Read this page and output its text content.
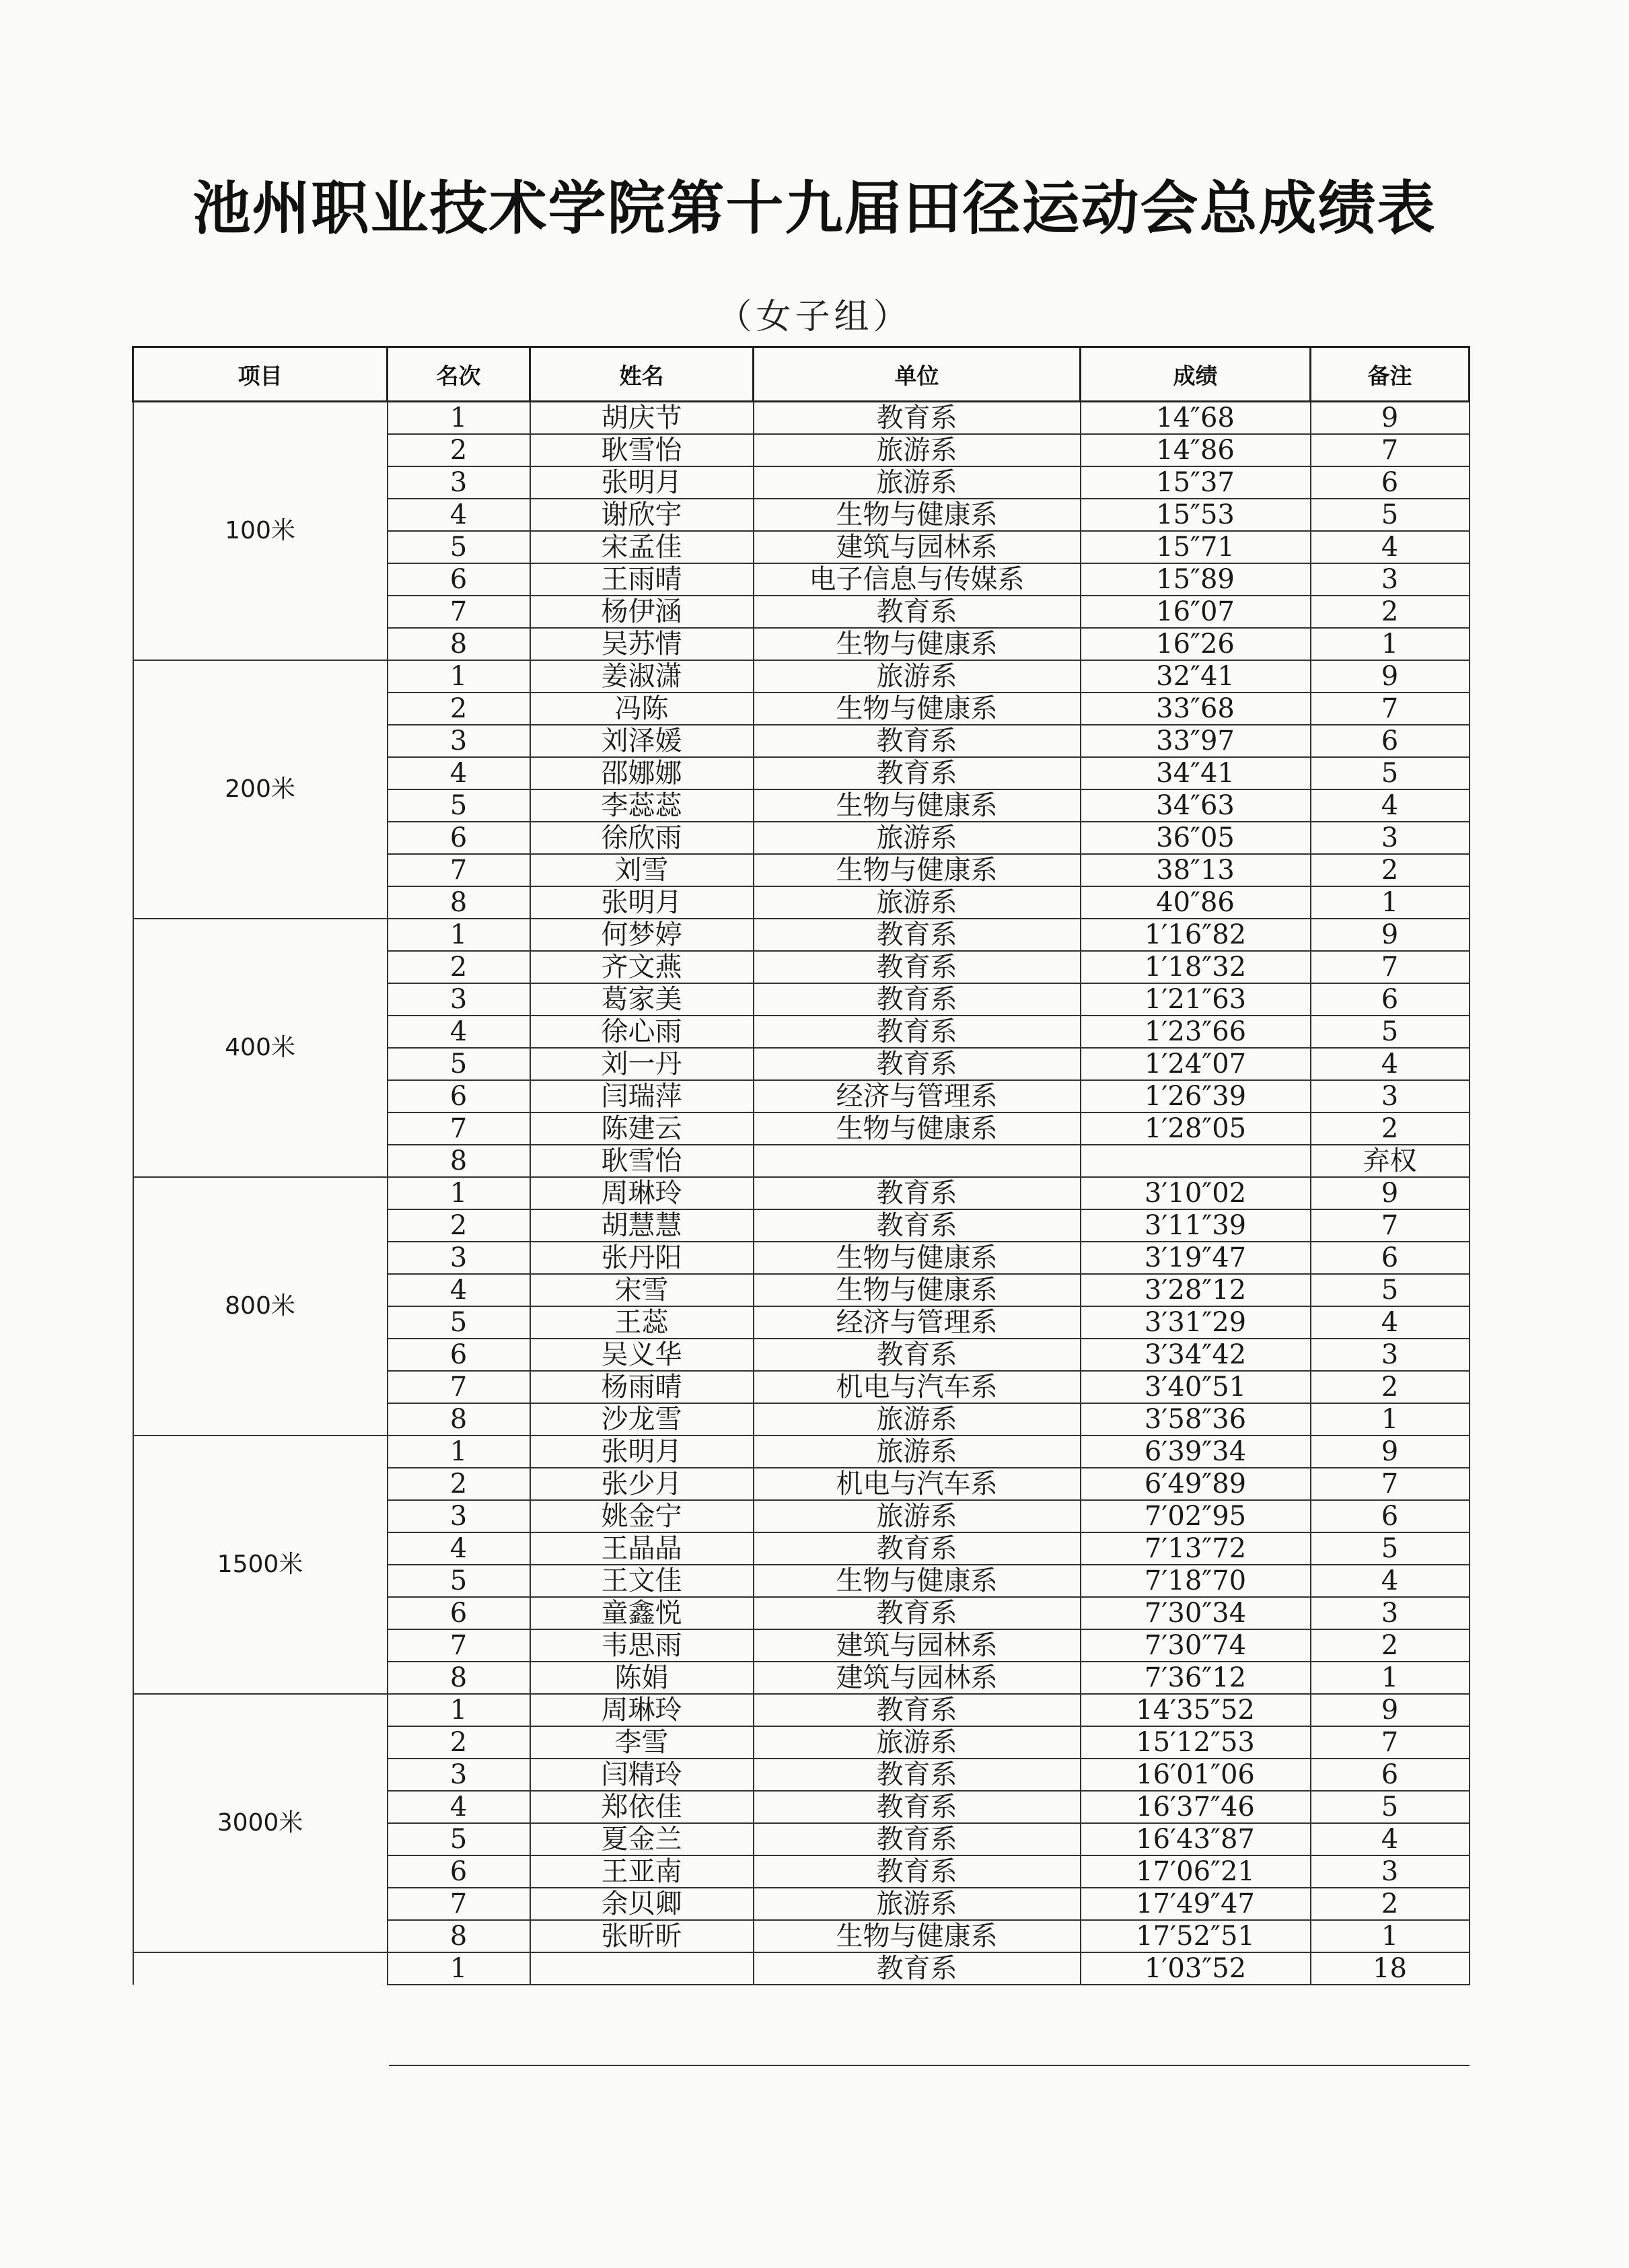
池州职业技术学院第十九届田径运动会总成绩表
（女子组）
项目	名次	姓名	单位	成绩	备注
100米	1	胡庆节	教育系	14″68	9
	2	耿雪怡	旅游系	14″86	7
	3	张明月	旅游系	15″37	6
	4	谢欣宇	生物与健康系	15″53	5
	5	宋孟佳	建筑与园林系	15″71	4
	6	王雨晴	电子信息与传媒系	15″89	3
	7	杨伊涵	教育系	16″07	2
	8	吴苏情	生物与健康系	16″26	1
200米	1	姜淑潇	旅游系	32″41	9
	2	冯陈	生物与健康系	33″68	7
	3	刘泽媛	教育系	33″97	6
	4	邵娜娜	教育系	34″41	5
	5	李蕊蕊	生物与健康系	34″63	4
	6	徐欣雨	旅游系	36″05	3
	7	刘雪	生物与健康系	38″13	2
	8	张明月	旅游系	40″86	1
400米	1	何梦婷	教育系	1′16″82	9
	2	齐文燕	教育系	1′18″32	7
	3	葛家美	教育系	1′21″63	6
	4	徐心雨	教育系	1′23″66	5
	5	刘一丹	教育系	1′24″07	4
	6	闫瑞萍	经济与管理系	1′26″39	3
	7	陈建云	生物与健康系	1′28″05	2
	8	耿雪怡			弃权
800米	1	周琳玲	教育系	3′10″02	9
	2	胡慧慧	教育系	3′11″39	7
	3	张丹阳	生物与健康系	3′19″47	6
	4	宋雪	生物与健康系	3′28″12	5
	5	王蕊	经济与管理系	3′31″29	4
	6	吴义华	教育系	3′34″42	3
	7	杨雨晴	机电与汽车系	3′40″51	2
	8	沙龙雪	旅游系	3′58″36	1
1500米	1	张明月	旅游系	6′39″34	9
	2	张少月	机电与汽车系	6′49″89	7
	3	姚金宁	旅游系	7′02″95	6
	4	王晶晶	教育系	7′13″72	5
	5	王文佳	生物与健康系	7′18″70	4
	6	童鑫悦	教育系	7′30″34	3
	7	韦思雨	建筑与园林系	7′30″74	2
	8	陈娟	建筑与园林系	7′36″12	1
3000米	1	周琳玲	教育系	14′35″52	9
	2	李雪	旅游系	15′12″53	7
	3	闫精玲	教育系	16′01″06	6
	4	郑依佳	教育系	16′37″46	5
	5	夏金兰	教育系	16′43″87	4
	6	王亚南	教育系	17′06″21	3
	7	余贝卿	旅游系	17′49″47	2
	8	张昕昕	生物与健康系	17′52″51	1
	1		教育系	1′03″52	18
